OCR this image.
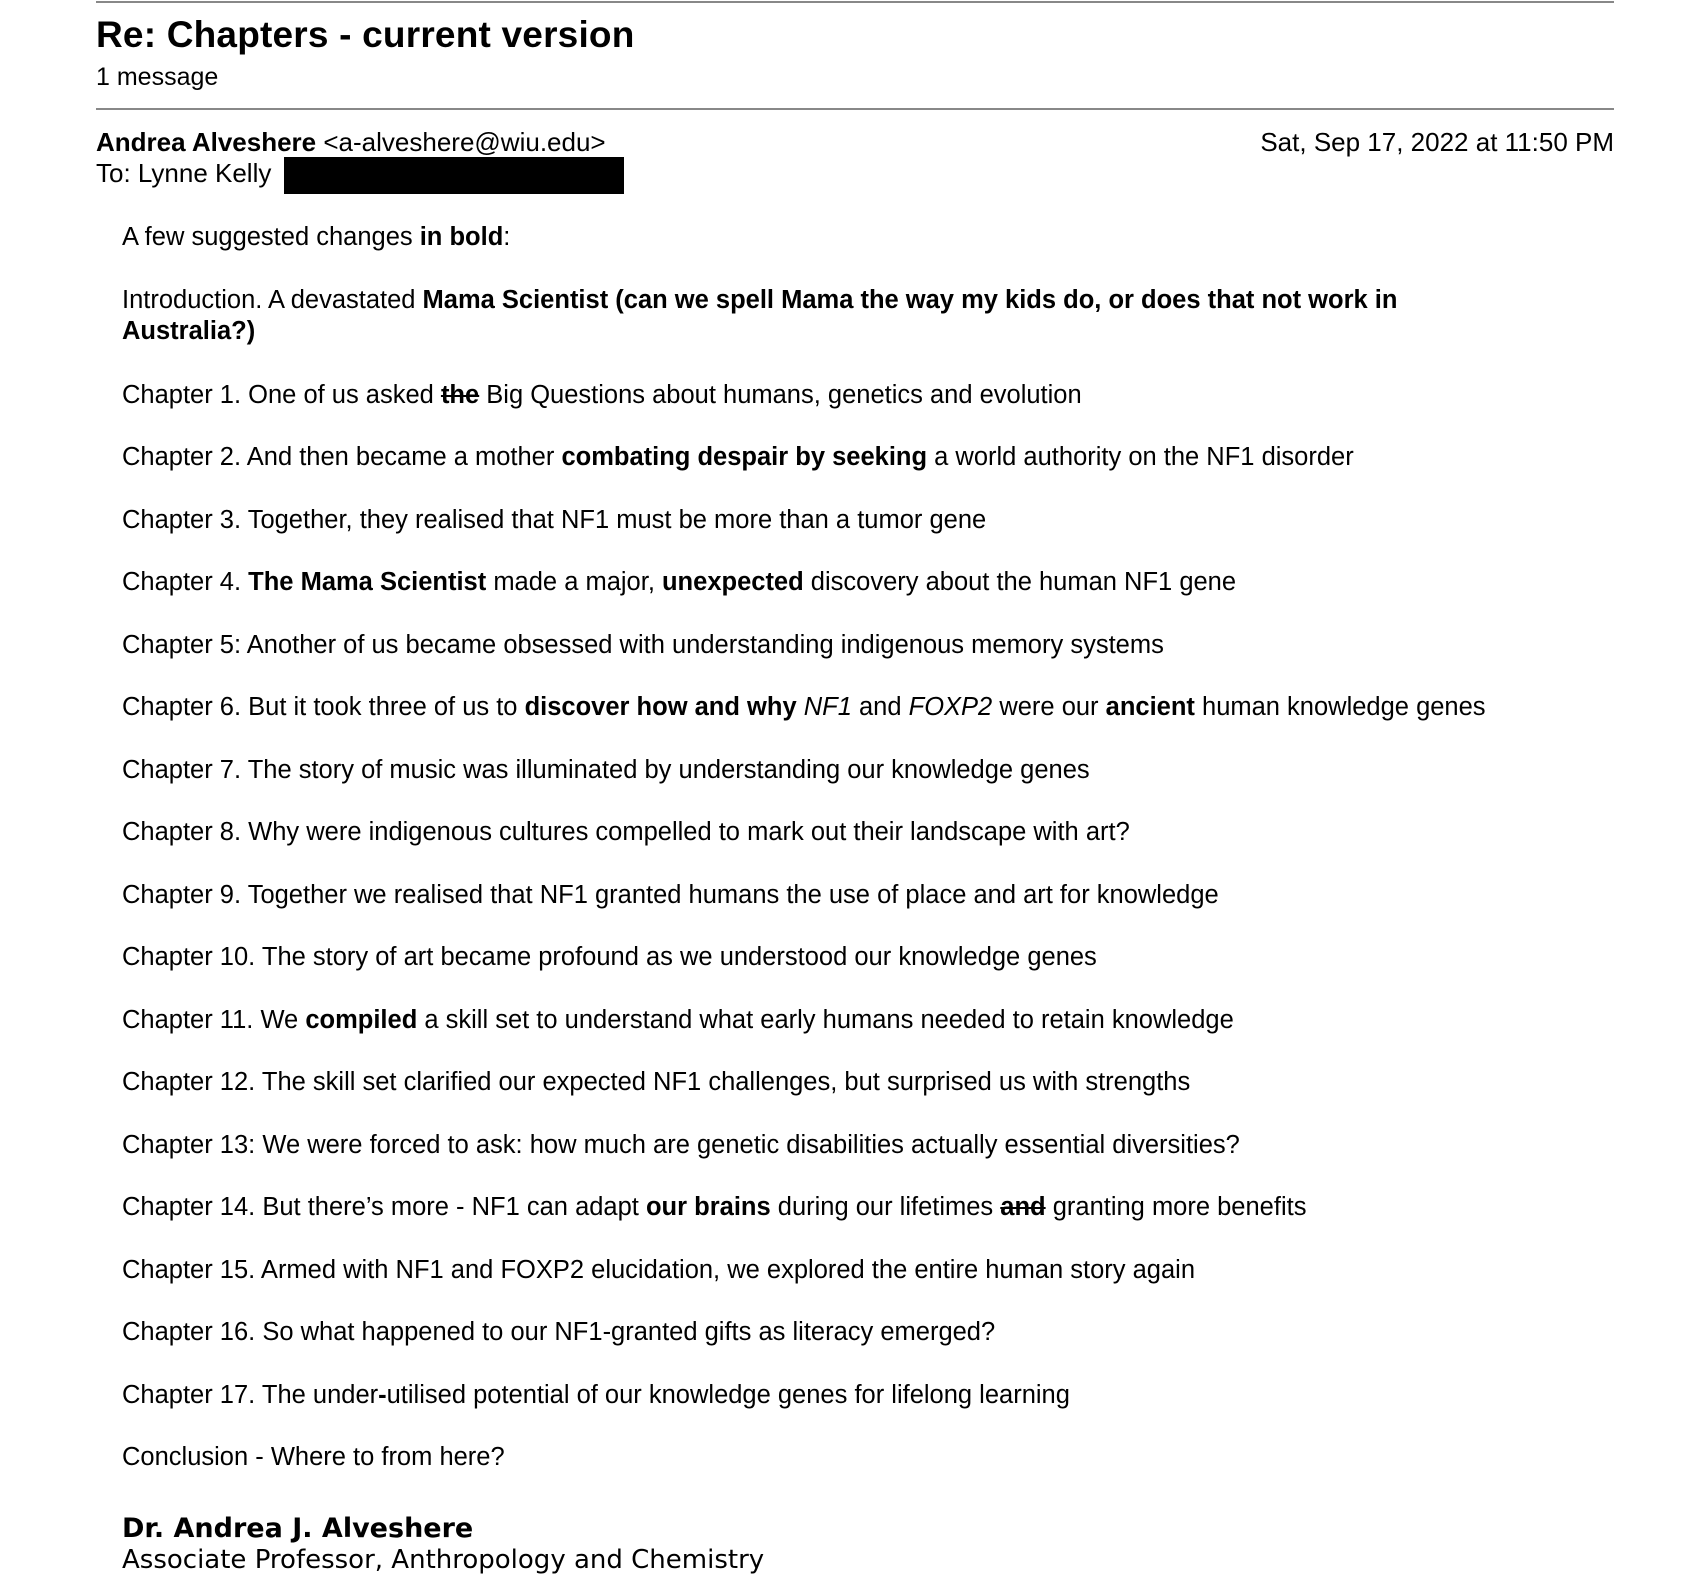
Re: Chapters - current version
1 message
Andrea Alveshere <a-alveshere@wiu.edu>	Sat, Sep 17, 2022 at 11:50 PM
To: Lynne Kelly
A few suggested changes in bold:
Introduction. A devastated Mama Scientist (can we spell Mama the way my kids do, or does that not work in Australia?)
Chapter 1. One of us asked the Big Questions about humans, genetics and evolution
Chapter 2. And then became a mother combating despair by seeking a world authority on the NF1 disorder
Chapter 3. Together, they realised that NF1 must be more than a tumor gene
Chapter 4. The Mama Scientist made a major, unexpected discovery about the human NF1 gene
Chapter 5: Another of us became obsessed with understanding indigenous memory systems
Chapter 6. But it took three of us to discover how and why NF1 and FOXP2 were our ancient human knowledge genes
Chapter 7. The story of music was illuminated by understanding our knowledge genes
Chapter 8. Why were indigenous cultures compelled to mark out their landscape with art?
Chapter 9. Together we realised that NF1 granted humans the use of place and art for knowledge
Chapter 10. The story of art became profound as we understood our knowledge genes
Chapter 11. We compiled a skill set to understand what early humans needed to retain knowledge
Chapter 12. The skill set clarified our expected NF1 challenges, but surprised us with strengths
Chapter 13: We were forced to ask: how much are genetic disabilities actually essential diversities?
Chapter 14. But there’s more - NF1 can adapt our brains during our lifetimes and granting more benefits
Chapter 15. Armed with NF1 and FOXP2 elucidation, we explored the entire human story again
Chapter 16. So what happened to our NF1-granted gifts as literacy emerged?
Chapter 17. The under-utilised potential of our knowledge genes for lifelong learning
Conclusion - Where to from here?
Dr. Andrea J. Alveshere
Associate Professor, Anthropology and Chemistry
